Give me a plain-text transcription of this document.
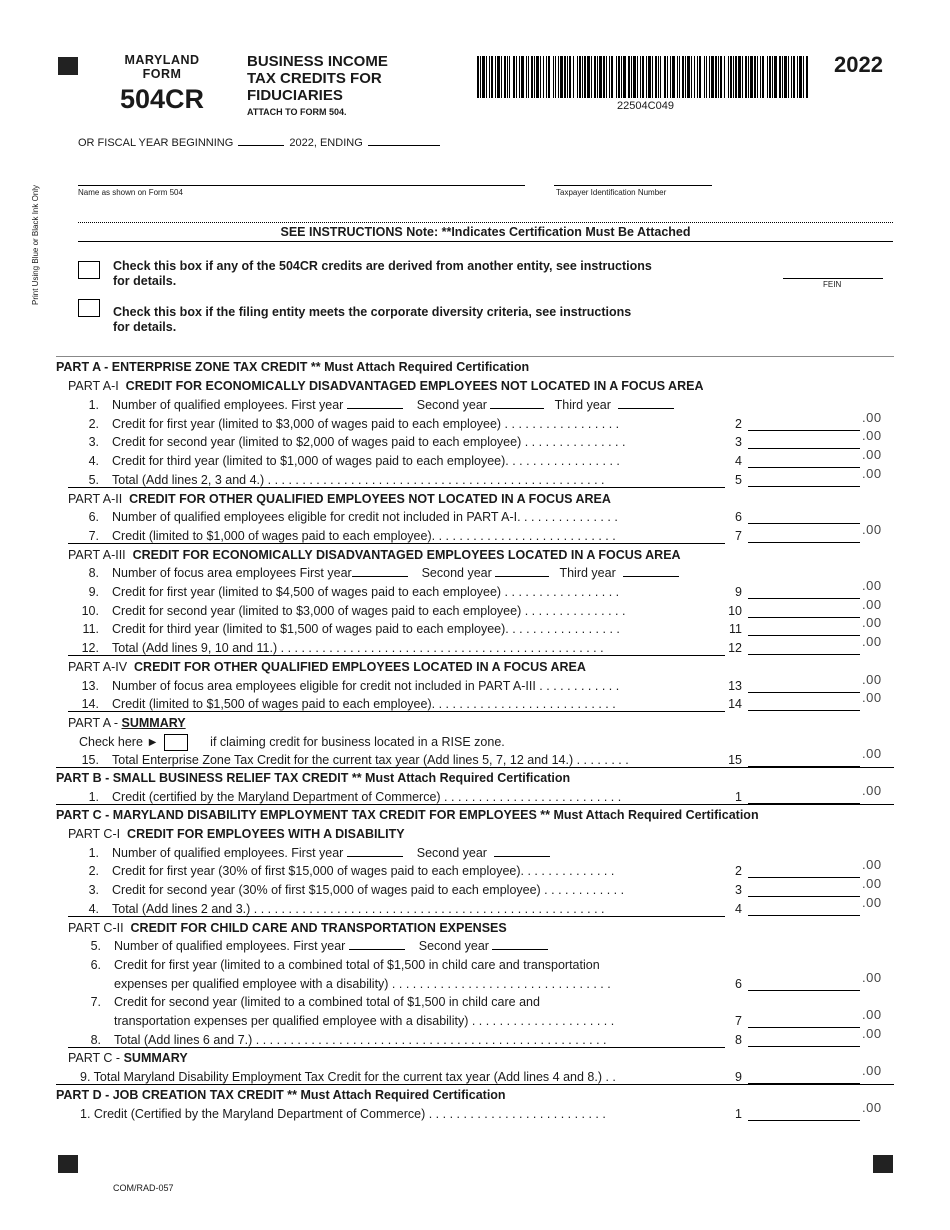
MARYLAND
FORM
504CR
BUSINESS INCOME
TAX CREDITS FOR
FIDUCIARIES
ATTACH TO FORM 504.	22504C049
2022
OR FISCAL YEAR BEGINNING	2022, ENDING
Print Using Blue or Black Ink Only	Name as shown on Form 504	Taxpayer Identification Number
SEE INSTRUCTIONS Note: **Indicates Certification Must Be Attached
Check this box if any of the 504CR credits are derived from another entity, see instructions
for details.	FEIN
Check this box if the filing entity meets the corporate diversity criteria, see instructions
for details.
PART A - ENTERPRISE ZONE TAX CREDIT ** Must Attach Required Certification
PART A-I CREDIT FOR ECONOMICALLY DISADVANTAGED EMPLOYEES NOT LOCATED IN A FOCUS AREA
1. Number of qualified employees. First year	Second year	Third year
2. Credit for first year (limited to $3,000 of wages paid to each employee) . . . . . . . . . . . . . . . . .	2	.00
3. Credit for second year (limited to $2,000 of wages paid to each employee) . . . . . . . . . . . . . . .	3	.00
4. Credit for third year (limited to $1,000 of wages paid to each employee). . . . . . . . . . . . . . . . .	4	.00
5. Total (Add lines 2, 3 and 4.) . . . . . . . . . . . . . . . . . . . . . . . . . . . . . . . . . . . . . . . . . . . . . . . . .	5	.00
PART A-II CREDIT FOR OTHER QUALIFIED EMPLOYEES NOT LOCATED IN A FOCUS AREA
6. Number of qualified employees eligible for credit not included in PART A-I. . . . . . . . . . . . . . .	6
7. Credit (limited to $1,000 of wages paid to each employee). . . . . . . . . . . . . . . . . . . . . . . . . . .	7	.00
PART A-III CREDIT FOR ECONOMICALLY DISADVANTAGED EMPLOYEES LOCATED IN A FOCUS AREA
8. Number of focus area employees First year	Second year	Third year
9. Credit for first year (limited to $4,500 of wages paid to each employee) . . . . . . . . . . . . . . . . .	9	.00
10. Credit for second year (limited to $3,000 of wages paid to each employee) . . . . . . . . . . . . . . .	10	.00
11. Credit for third year (limited to $1,500 of wages paid to each employee). . . . . . . . . . . . . . . . .	11	.00
12. Total (Add lines 9, 10 and 11.) . . . . . . . . . . . . . . . . . . . . . . . . . . . . . . . . . . . . . . . . . . . . . . .	12	.00
PART A-IV CREDIT FOR OTHER QUALIFIED EMPLOYEES LOCATED IN A FOCUS AREA
13. Number of focus area employees eligible for credit not included in PART A-III . . . . . . . . . . . .	13	.00
14. Credit (limited to $1,500 of wages paid to each employee). . . . . . . . . . . . . . . . . . . . . . . . . . .	14	.00
PART A - SUMMARY
Check here ►	if claiming credit for business located in a RISE zone.
15. Total Enterprise Zone Tax Credit for the current tax year (Add lines 5, 7, 12 and 14.) . . . . . . . .	15	.00
PART B - SMALL BUSINESS RELIEF TAX CREDIT ** Must Attach Required Certification
1. Credit (certified by the Maryland Department of Commerce) . . . . . . . . . . . . . . . . . . . . . . . . . .	1	.00
PART C - MARYLAND DISABILITY EMPLOYMENT TAX CREDIT FOR EMPLOYEES ** Must Attach Required Certification
PART C-I CREDIT FOR EMPLOYEES WITH A DISABILITY
1. Number of qualified employees. First year	Second year
2. Credit for first year (30% of first $15,000 of wages paid to each employee). . . . . . . . . . . . . .	2	.00
3. Credit for second year (30% of first $15,000 of wages paid to each employee) . . . . . . . . . . . .	3	.00
4. Total (Add lines 2 and 3.) . . . . . . . . . . . . . . . . . . . . . . . . . . . . . . . . . . . . . . . . . . . . . . . . . . .	4	.00
PART C-II CREDIT FOR CHILD CARE AND TRANSPORTATION EXPENSES
5. Number of qualified employees. First year	Second year
6. Credit for first year (limited to a combined total of $1,500 in child care and transportation
expenses per qualified employee with a disability) . . . . . . . . . . . . . . . . . . . . . . . . . . . . . . . .	6	.00
7. Credit for second year (limited to a combined total of $1,500 in child care and
transportation expenses per qualified employee with a disability) . . . . . . . . . . . . . . . . . . . . .	7	.00
8. Total (Add lines 6 and 7.) . . . . . . . . . . . . . . . . . . . . . . . . . . . . . . . . . . . . . . . . . . . . . . . . . . .	8	.00
PART C - SUMMARY
9. Total Maryland Disability Employment Tax Credit for the current tax year (Add lines 4 and 8.) . .	9	.00
PART D - JOB CREATION TAX CREDIT ** Must Attach Required Certification
1. Credit (Certified by the Maryland Department of Commerce) . . . . . . . . . . . . . . . . . . . . . . . . . .	1	.00
COM/RAD-057
